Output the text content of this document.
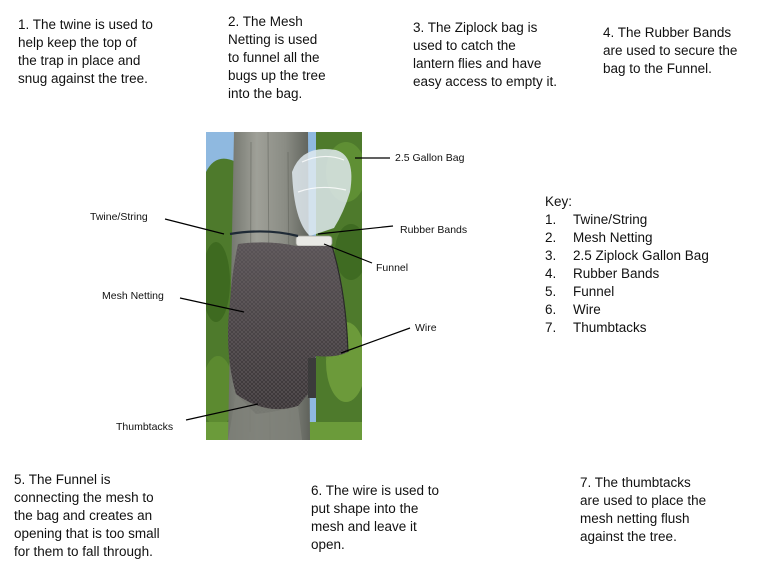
1. The twine is used to
help keep the top of
the trap in place and
snug against the tree.
2. The Mesh
Netting is used
to funnel all the
bugs up the tree
into the bag.
3. The Ziplock bag is
used to catch the
lantern flies and have
easy access to empty it.
4. The Rubber Bands
are used to secure the
bag to the Funnel.
5. The Funnel is
connecting the mesh to
the bag and creates an
opening that is too small
for them to fall through.
6. The wire is used to
put shape into the
mesh and leave it
open.
7. The thumbtacks
are used to place the
mesh netting flush
against the tree.
2.5 Gallon Bag
Twine/String
Rubber Bands
Funnel
Mesh Netting
Wire
Thumbtacks
Key:
1.	Twine/String
2.	Mesh Netting
3.	2.5 Ziplock Gallon Bag
4.	Rubber Bands
5.	Funnel
6.	Wire
7.	Thumbtacks
